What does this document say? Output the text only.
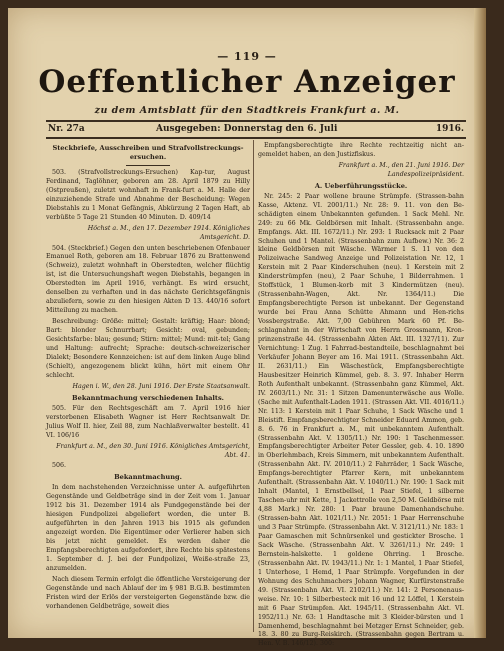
— 119 —
Oeffentlicher Anzeiger
zu dem Amtsblatt für den Stadtkreis Frankfurt a. M.
Nr. 27a	Ausgegeben: Donnerstag den 6. Juli	1916.
Steckbriefe, Ausschreiben und Strafvollstreckungs-ersuchen.

503. (Strafvollstreckungs-Ersuchen) Kap-tur, August Ferdinand, Taglöhner, geboren am 28. April 1879 zu Hilly (Ostpreußen), zuletzt wohnhaft in Frank-furt a. M. Halle der einzuziehende Strafe und Abnahme der Bescheidung: Wegen Diebstahls zu 1 Monat Gefängnis, Abkürzung 2 Tagen Haft, ab verbüßte 5 Tage 21 Stunden 40 Minuten. D. 409/14

Höchst a. M., den 17. Dezember 1914. Königliches Amtsgericht. D.

504. (Steckbrief.) Gegen den unten beschriebenen Ofenbauer Emanuel Roth, geboren am 18. Februar 1876 zu Brattenwend (Schweiz), zuletzt wohnhaft in Oberstedten, welcher flüchtig ist, ist die Untersuchungshaft wegen Diebstahls, begangen in Oberstedten im April 1916, verhängt. Es wird ersucht, denselben zu verhaften und in das nächste Gerichtsgefängnis abzuliefern, sowie zu den hiesigen Akten D 13. 440/16 sofort Mitteilung zu machen.

Beschreibung: Größe: mittel; Gestalt: kräftig; Haar: blond; Bart: blonder Schnurrbart; Gesicht: oval, gebunden; Gesichtsfarbe: blau; gesund; Stirn: mittel; Mund: mit-tel; Gang und Haltung: aufrecht; Sprache: deutsch-schweizerischer Dialekt; Besondere Kennzeichen: ist auf dem linken Auge blind (Schielt), angezogenem blickt kühn, hört mit einem Ohr schlecht.

Hagen i. W., den 28. Juni 1916. Der Erste Staatsanwalt.

Bekanntmachung verschiedenen Inhalts.

505. Für den Rechtsgeschäft am 7. April 1916 hier verstorbenen Elisabeth Wagner ist Herr Rechtsanwalt Dr. Julius Wolf II. hier, Zeil 88, zum Nachlaßverwalter bestellt. 41 VI. 106/16

Frankfurt a. M., den 30. Juni 1916. Königliches Amtsgericht, Abt. 41.

506.
Bekanntmachung.

In dem nachstehenden Verzeichnisse unter A. aufgeführten Gegenstände und Geldbeträge sind in der Zeit vom 1. Januar 1912 bis 31. Dezember 1914 als Fundgegenstände bei der hiesigen Fundpolizei abgeliefert worden, die unter B. aufgeführten in den Jahren 1913 bis 1915 als gefunden angezeigt worden. Die Eigentümer oder Verlierer haben sich bis jetzt nicht gemeldet. Es werden daher die Empfangsberechtigten aufgefordert, ihre Rechte bis spätestens 1. September d. J. bei der Fundpolizei, Weiße-straße 23, anzumelden.

Nach diesem Termin erfolgt die öffentliche Versteigerung der Gegenstände und nach Ablauf der im § 981 B.G.B. bestimmten Fristen wird der Erlös der versteigerten Gegenstände bzw. die vorhandenen Geldbeträge, soweit dies

Empfangsberechtigte ihre Rechte rechtzeitig nicht an-gemeldet haben, an den Justizfiskus.

Frankfurt a. M., den 21. Juni 1916. Der Landespolizeipräsident.

A. Ueberführungsstücke.

Nr. 245: 2 Paar wollene braune Strümpfe. (Strassen-bahn Kasse, Aktenz. VI. 2001/11.) Nr. 28: 9. 11. von den Be-schädigten einem Unbekannten gefunden. 1 Sack Mehl. Nr. 249: zu 66 Mk. Geldbörsen mit Inhalt. (Strassenbahn ange. Empfangs. Akt. III. 1672/11.) Nr. 293: 1 Rucksack mit 2 Paar Schuhen und 1 Mantel. (Strassenbahn zum Aufbew.) Nr. 36: 2 kleine Geldbörsen mit Wäsche. Wärmer 1 S. 11 von den Polizeiwache Sandweg Anzeige und Polizeistation Nr. 12, 1 Kerstein mit 2 Paar Kinderschuhen (neu). 1 Kerstein mit 2 Kinderstrümpfen (neu), 2 Paar Schuhe, 1 Bilderrahmen. 1 Stoffstück, 1 Blumen-korb mit 3 Kindermützen (neu). (Strassenbahn-Wagen, Akt. Nr. 1364/11.) Die Empfangsberechtigte Person ist unbekannt. Der Gegenstand wurde bei Frau Anna Schütte Ahmann und Hen-richs Vossbergstraße. Akt. 7,00 Gebühren Mark 60 Pf. Be-schlagnahmt in der Wirtschaft von Herrn Grossmann, Kron-prinzenstraße 44. (Strassenbahn Akten Akt. III. 1327/11). Zur Vernichtung: 1 Zug. 1 Fahrrad-bestandteile, beschlagnahmt bei Verkäufer Johann Beyer am 16. Mai 1911. (Strassenbahn Akt. II. 2631/11.) Ein Wäschestück, Empfangsberechtigte Hausbesitzer Heinrich Kümmel, geb. 8. 3. 97. Inhaber Herrn Roth Aufenthalt unbekannt. (Strassenbahn ganz Kümmel, Akt. IV. 2603/11.) Nr. 31: 1 Sitzen Damenunterwäsche aus Wolle. (Sache mit Aufenthalt-Laden 1911. (Strassen Akt. VII. 4016/11.) Nr. 113: 1 Kerstein mit 1 Paar Schuhe, 1 Sack Wäsche und 1 Bleistift. Empfangsberechtigter Schneider Eduard Ammon, geb. 8. 6. 76 in Frankfurt a. M., mit unbekanntem Aufenthalt. (Strassenbahn Akt. V. 1305/11.) Nr. 190: 1 Taschenmesser. Empfangsberechtigter Arbeiter Peter Gessler, geb. 4. 10. 1890 in Oberlehmbach, Kreis Simmern, mit unbekanntem Aufenthalt. (Strassenbahn Akt. IV. 2010/11.) 2 Fahrräder, 1 Sack Wäsche, Empfangs-berechtigter Pfarrer Kern, mit unbekanntem Aufenthalt. (Strassenbahn Akt. V. 1040/11.) Nr. 190: 1 Sack mit Inhalt (Mantel, 1 Ernstbellsel, 1 Paar Stiefel, 1 silberne Taschen-uhr mit Kette, 1 Jackettrolle von 2,50 M. Geldbörse mit 4,88 Mark.) Nr. 280: 1 Paar braune Damenhandschuhe. (Strassen-bahn Akt. 1021/11.) Nr. 2051: 1 Paar Herrenschuhe und 3 Paar Strümpfe. (Strassenbahn Akt. V. 3121/11.) Nr. 183: 1 Paar Gamaschen mit Schnürsenkel und gestickter Brosche. 1 Sack Wäsche. (Strassenbahn Akt. V. 3261/11.) Nr. 249: 1 Bernstein-halskette. 1 goldene Ohrring. 1 Brosche. (Strassenbahn Akt. IV. 1943/11.) Nr. 1: 1 Mantel, 1 Paar Stiefel, 1 Unterhose, 1 Hemd, 1 Paar Strümpfe. Vorgefunden in der Wohnung des Schuhmachers Johann Wagner, Kurfürstenstraße 49. (Strassenbahn Akt. VI. 2102/11.) Nr. 141: 2 Personenaus-weise. Nr. 10: 1 Silberbesteck mit 16 und 12 Löffel, 1 Kerstein mit 6 Paar Strümpfen. Akt. 1945/11. (Strassenbahn Akt. VI. 1952/11.) Nr. 63: 1 Handtasche mit 3 Kleider-bürsten und 1 Damenhemd, beschlagnahmt bei Metzger Ernst Schneider, geb. 18. 3. 80 zu Burg-Reiskirch. (Strassenbahn gegen Bertram u. Hen. V. B. 146/12). 300:
